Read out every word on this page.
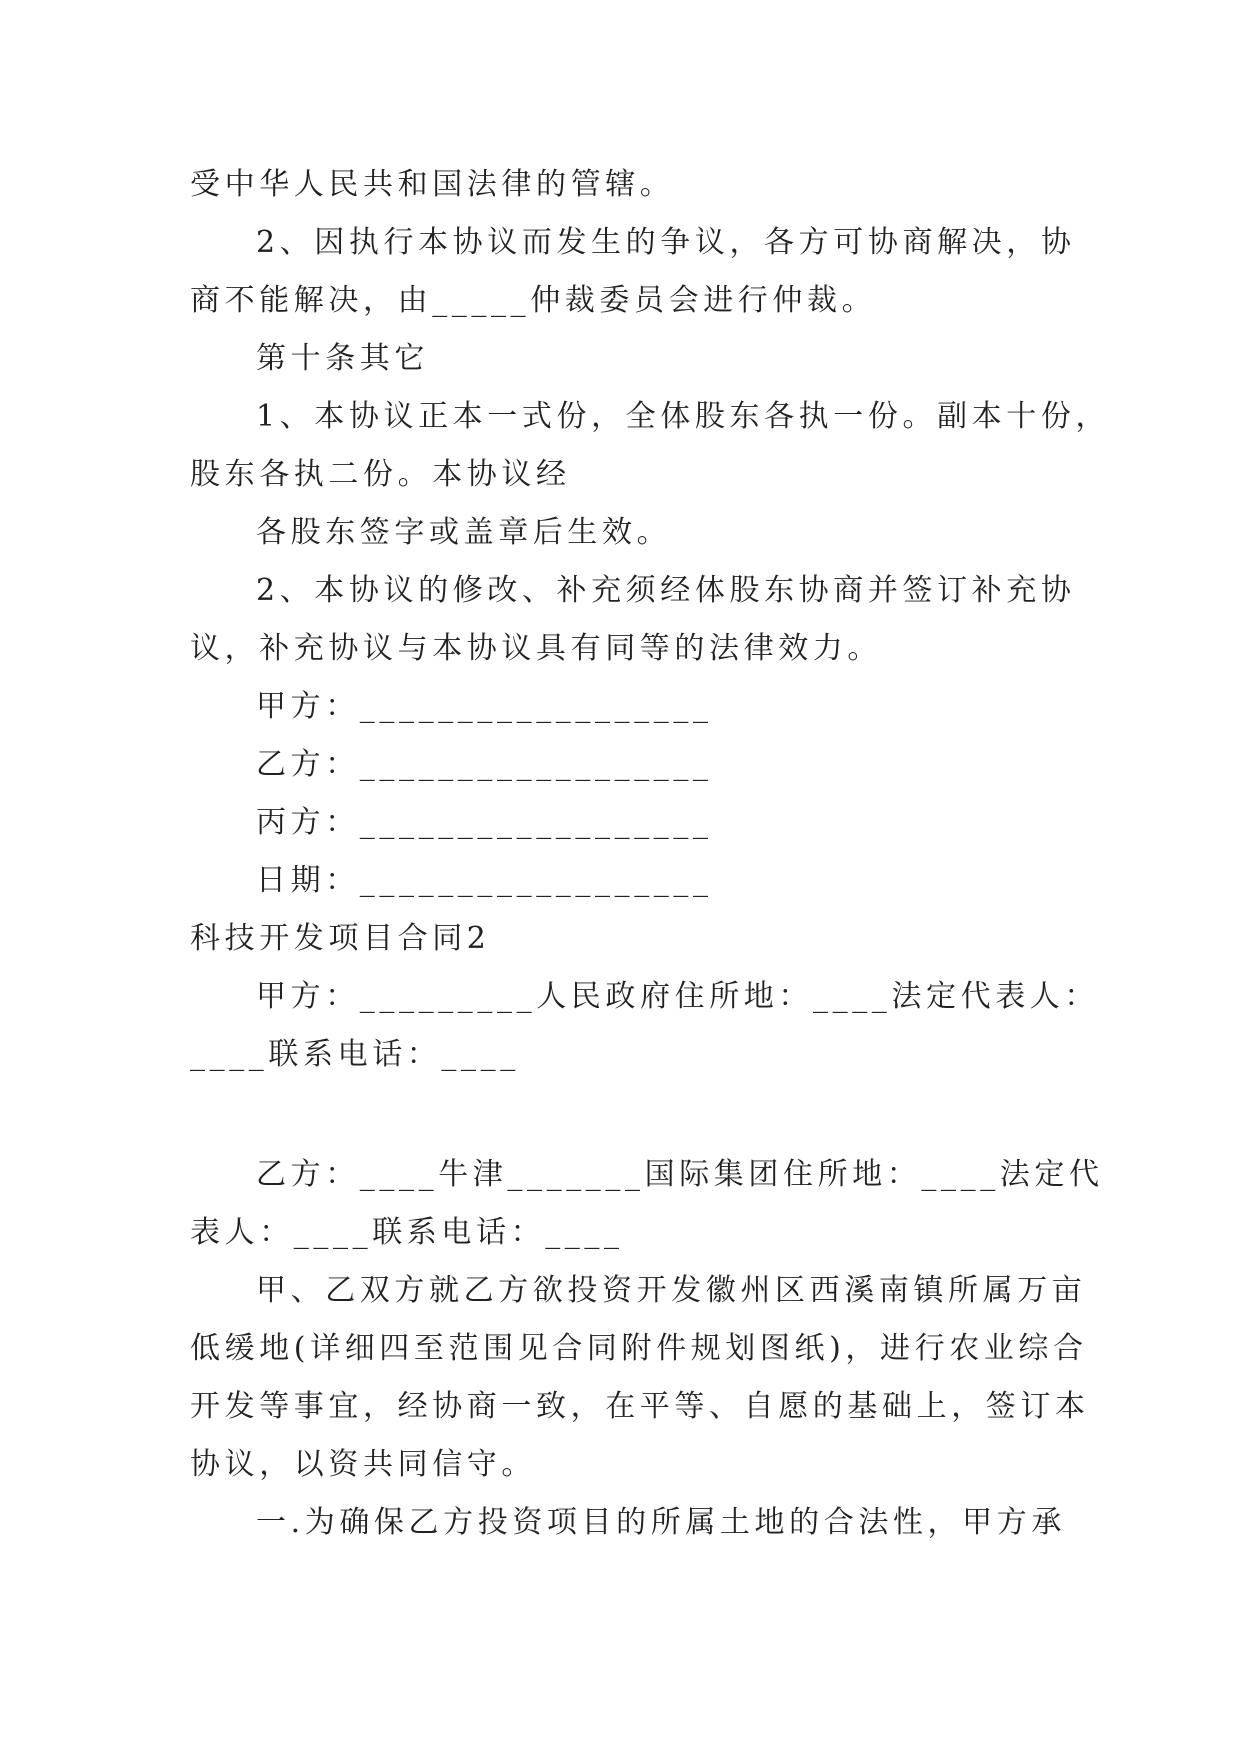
受中华人民共和国法律的管辖。
2、因执行本协议而发生的争议，各方可协商解决，协
商不能解决，由_____仲裁委员会进行仲裁。
第十条其它
1、本协议正本一式份，全体股东各执一份。副本十份，
股东各执二份。本协议经
各股东签字或盖章后生效。
2、本协议的修改、补充须经体股东协商并签订补充协
议，补充协议与本协议具有同等的法律效力。
甲方：__________________
乙方：__________________
丙方：__________________
日期：__________________
科技开发项目合同2
甲方：_________人民政府住所地：____法定代表人：
____联系电话：____
乙方：____牛津_______国际集团住所地：____法定代
表人：____联系电话：____
甲、乙双方就乙方欲投资开发徽州区西溪南镇所属万亩
低缓地(详细四至范围见合同附件规划图纸)，进行农业综合
开发等事宜，经协商一致，在平等、自愿的基础上，签订本
协议，以资共同信守。
一.为确保乙方投资项目的所属土地的合法性，甲方承
